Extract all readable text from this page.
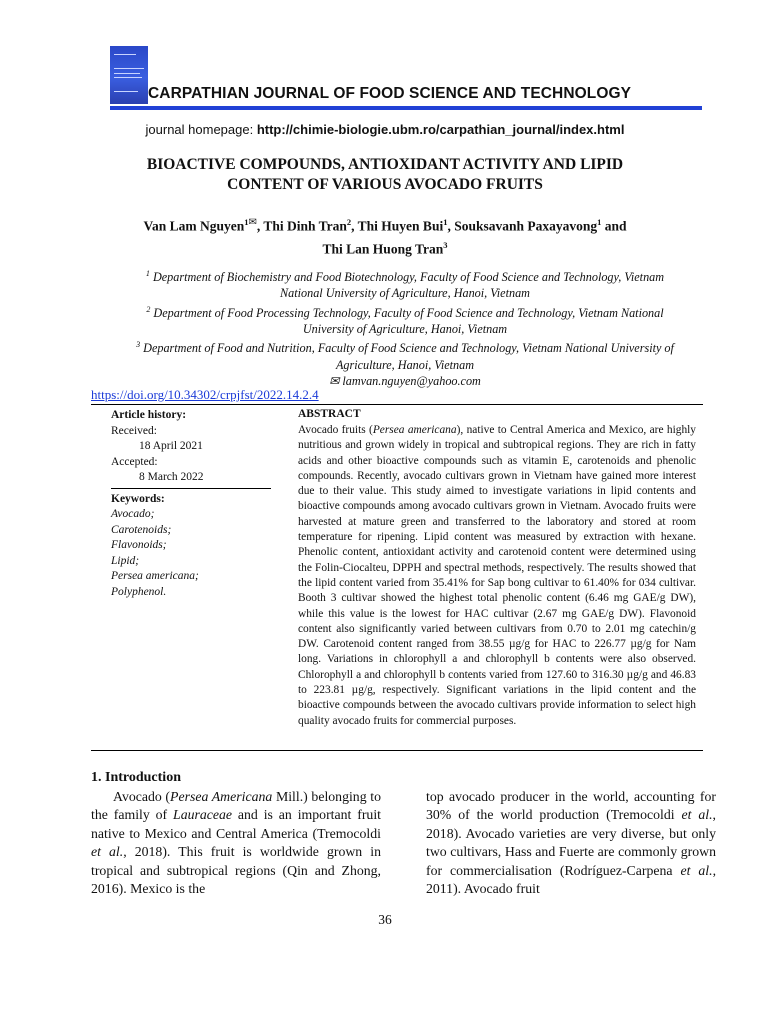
CARPATHIAN JOURNAL OF FOOD SCIENCE AND TECHNOLOGY
journal homepage: http://chimie-biologie.ubm.ro/carpathian_journal/index.html
BIOACTIVE COMPOUNDS, ANTIOXIDANT ACTIVITY AND LIPID
CONTENT OF VARIOUS AVOCADO FRUITS
Van Lam Nguyen$^{1✉}$, Thi Dinh Tran$^2$, Thi Huyen Bui$^1$, Souksavanh Paxayavong$^1$ and
Thi Lan Huong Tran$^3$
$^1$ Department of Biochemistry and Food Biotechnology, Faculty of Food Science and Technology, Vietnam
National University of Agriculture, Hanoi, Vietnam
$^2$ Department of Food Processing Technology, Faculty of Food Science and Technology, Vietnam National
University of Agriculture, Hanoi, Vietnam
$^3$ Department of Food and Nutrition, Faculty of Food Science and Technology, Vietnam National University of
Agriculture, Hanoi, Vietnam
✉ lamvan.nguyen@yahoo.com
https://doi.org/10.34302/crpjfst/2022.14.2.4
Article history:
Received:
18 April 2021
Accepted:
8 March 2022
Keywords:
Avocado;
Carotenoids;
Flavonoids;
Lipid;
Persea americana;
Polyphenol.
ABSTRACT
Avocado fruits (Persea americana), native to Central America and Mexico, are highly nutritious and grown widely in tropical and subtropical regions. They are rich in fatty acids and other bioactive compounds such as vitamin E, carotenoids and phenolic compounds. Recently, avocado cultivars grown in Vietnam have gained more interest due to their value. This study aimed to investigate variations in lipid contents and bioactive compounds among avocado cultivars grown in Vietnam. Avocado fruits were harvested at mature green and transferred to the laboratory and stored at room temperature for ripening. Lipid content was measured by extraction with hexane. Phenolic content, antioxidant activity and carotenoid content were determined using the Folin-Ciocalteu, DPPH and spectral methods, respectively. The results showed that the lipid content varied from 35.41% for Sap bong cultivar to 61.40% for 034 cultivar. Booth 3 cultivar showed the highest total phenolic content (6.46 mg GAE/g DW), while this value is the lowest for HAC cultivar (2.67 mg GAE/g DW). Flavonoid content also significantly varied between cultivars from 0.70 to 2.01 mg catechin/g DW. Carotenoid content ranged from 38.55 µg/g for HAC to 226.77 µg/g for Nam long. Variations in chlorophyll a and chlorophyll b contents were also observed. Chlorophyll a and chlorophyll b contents varied from 127.60 to 316.30 µg/g and 46.83 to 223.81 µg/g, respectively. Significant variations in the lipid content and the bioactive compounds between the avocado cultivars provide information to select high quality avocado fruits for commercial purposes.
1. Introduction
Avocado (Persea Americana Mill.) belonging to the family of Lauraceae and is an important fruit native to Mexico and Central America (Tremocoldi et al., 2018). This fruit is worldwide grown in tropical and subtropical regions (Qin and Zhong, 2016). Mexico is the
top avocado producer in the world, accounting for 30% of the world production (Tremocoldi et al., 2018). Avocado varieties are very diverse, but only two cultivars, Hass and Fuerte are commonly grown for commercialisation (Rodríguez-Carpena et al., 2011). Avocado fruit
36
